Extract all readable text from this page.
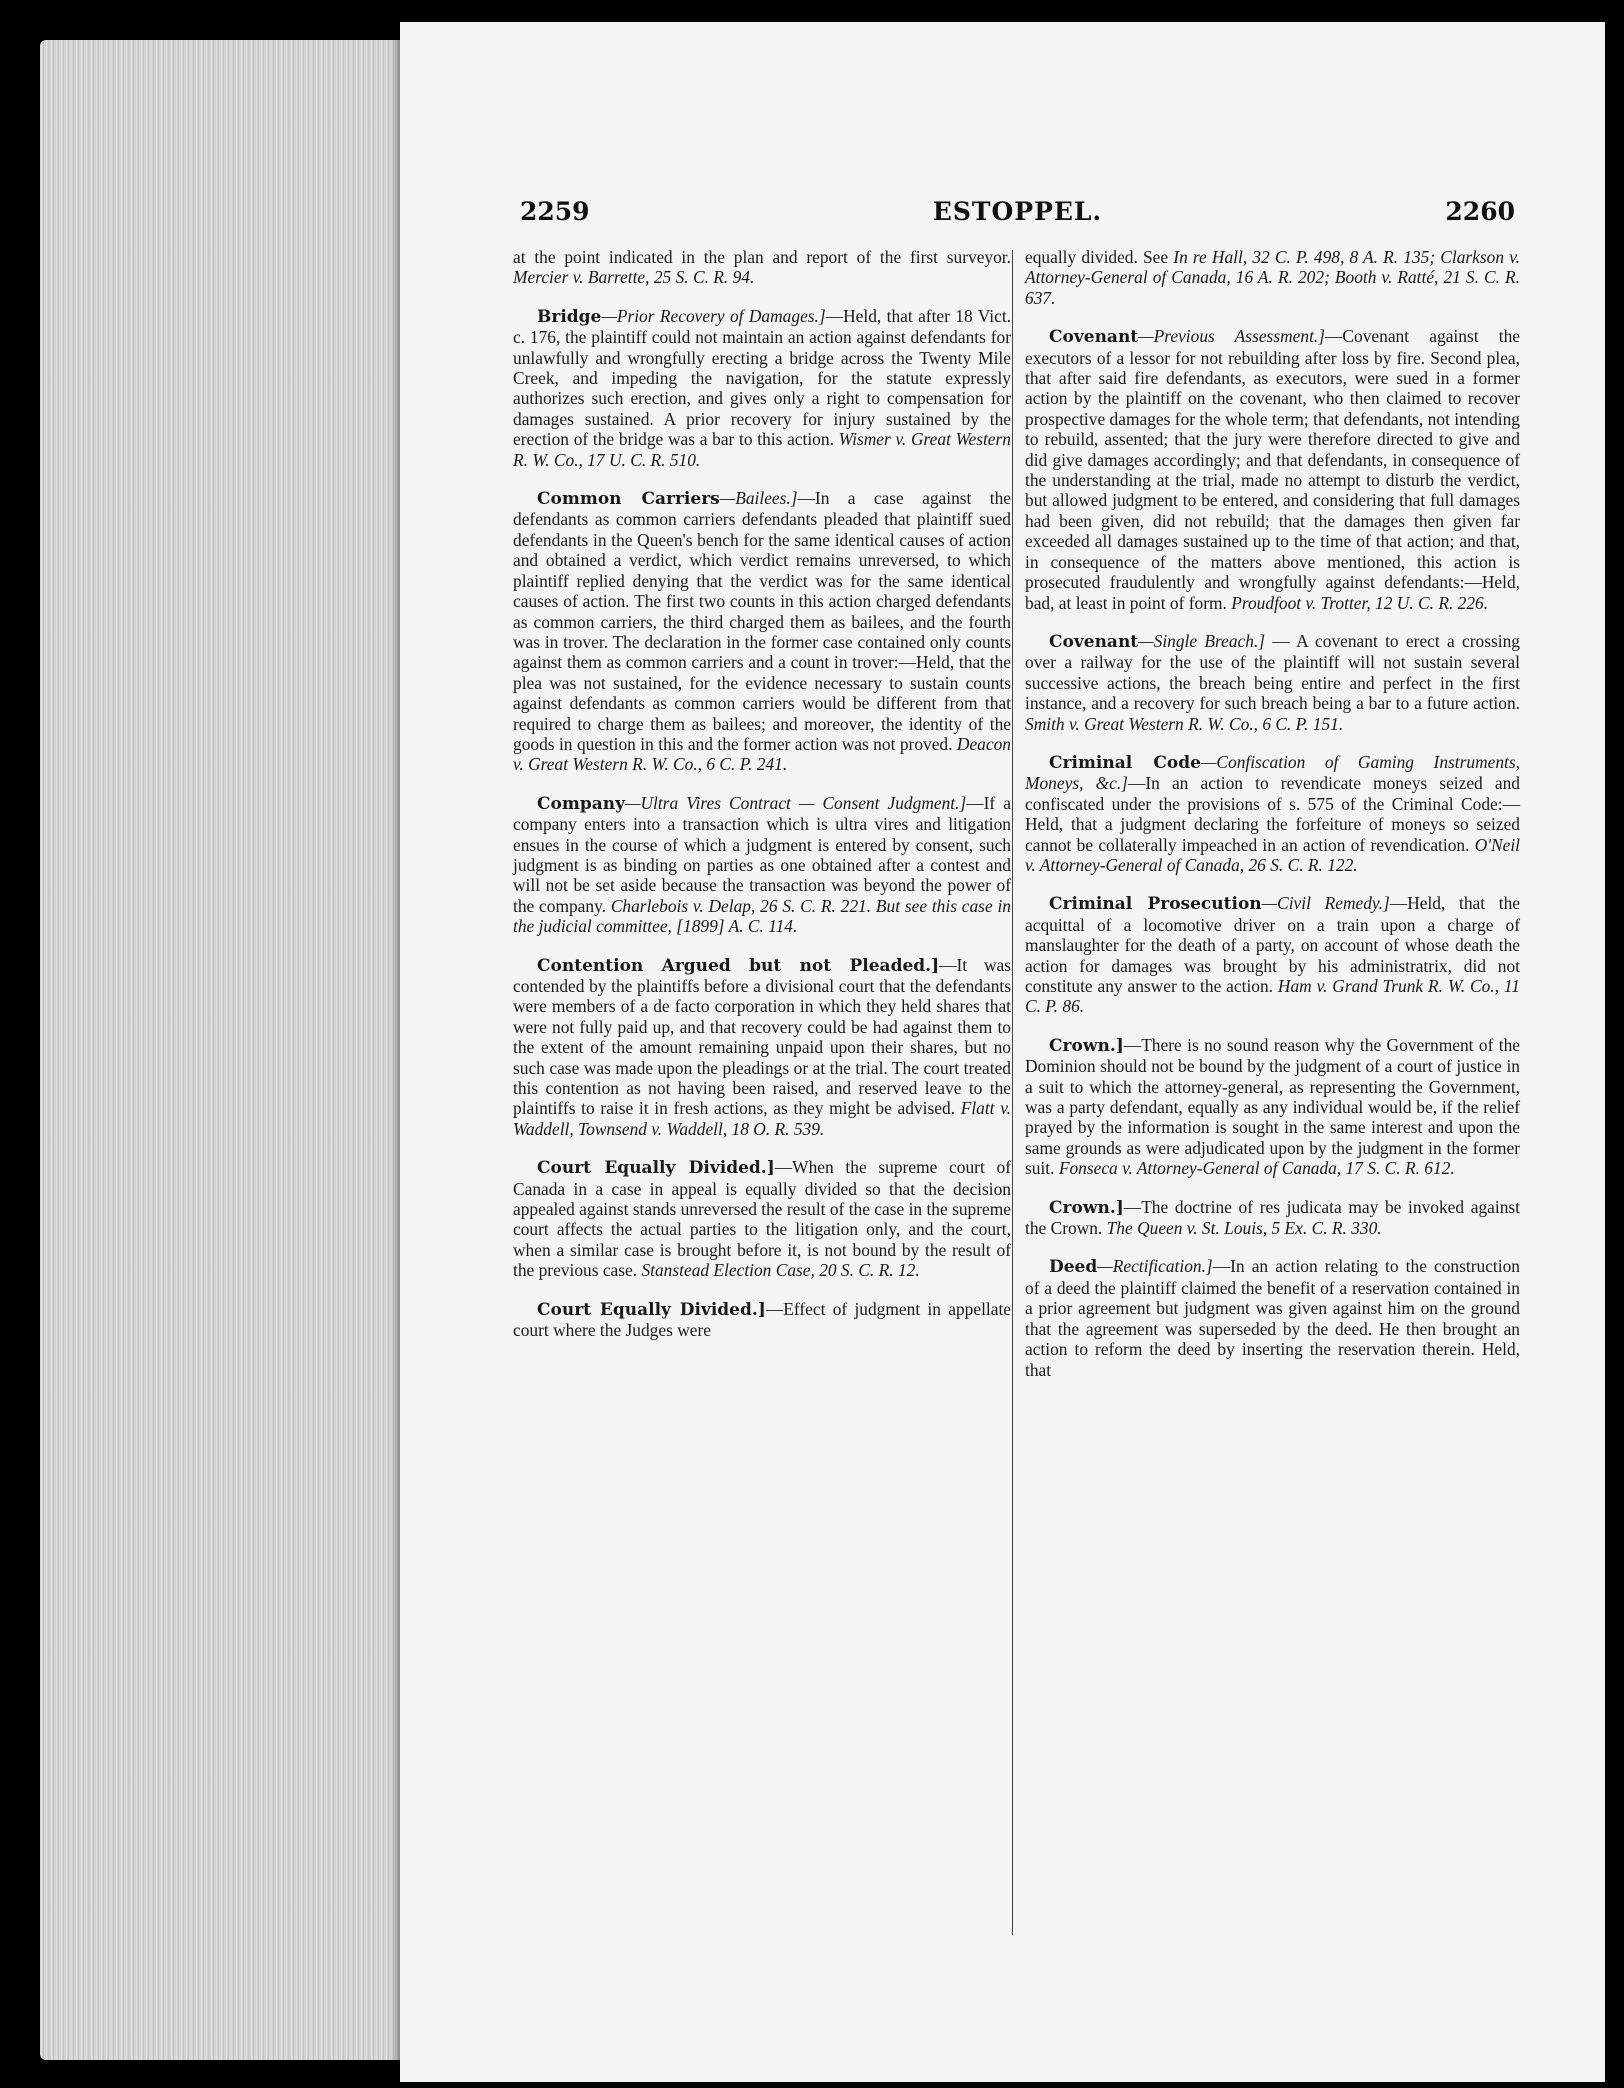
2259	ESTOPPEL.	2260

at the point indicated in the plan and report of the first surveyor. Mercier v. Barrette, 25 S. C. R. 94.

Bridge—Prior Recovery of Damages.]—Held, that after 18 Vict. c. 176, the plaintiff could not maintain an action against defendants for unlawfully and wrongfully erecting a bridge across the Twenty Mile Creek, and impeding the navigation, for the statute expressly authorizes such erection, and gives only a right to compensation for damages sustained. A prior recovery for injury sustained by the erection of the bridge was a bar to this action. Wismer v. Great Western R. W. Co., 17 U. C. R. 510.

Common Carriers—Bailees.]—In a case against the defendants as common carriers defendants pleaded that plaintiff sued defendants in the Queen's bench for the same identical causes of action and obtained a verdict, which verdict remains unreversed, to which plaintiff replied denying that the verdict was for the same identical causes of action. The first two counts in this action charged defendants as common carriers, the third charged them as bailees, and the fourth was in trover. The declaration in the former case contained only counts against them as common carriers and a count in trover:—Held, that the plea was not sustained, for the evidence necessary to sustain counts against defendants as common carriers would be different from that required to charge them as bailees; and moreover, the identity of the goods in question in this and the former action was not proved. Deacon v. Great Western R. W. Co., 6 C. P. 241.

Company—Ultra Vires Contract — Consent Judgment.]—If a company enters into a transaction which is ultra vires and litigation ensues in the course of which a judgment is entered by consent, such judgment is as binding on parties as one obtained after a contest and will not be set aside because the transaction was beyond the power of the company. Charlebois v. Delap, 26 S. C. R. 221. But see this case in the judicial committee, [1899] A. C. 114.

Contention Argued but not Pleaded.]—It was contended by the plaintiffs before a divisional court that the defendants were members of a de facto corporation in which they held shares that were not fully paid up, and that recovery could be had against them to the extent of the amount remaining unpaid upon their shares, but no such case was made upon the pleadings or at the trial. The court treated this contention as not having been raised, and reserved leave to the plaintiffs to raise it in fresh actions, as they might be advised. Flatt v. Waddell, Townsend v. Waddell, 18 O. R. 539.

Court Equally Divided.]—When the supreme court of Canada in a case in appeal is equally divided so that the decision appealed against stands unreversed the result of the case in the supreme court affects the actual parties to the litigation only, and the court, when a similar case is brought before it, is not bound by the result of the previous case. Stanstead Election Case, 20 S. C. R. 12.

Court Equally Divided.]—Effect of judgment in appellate court where the Judges were

equally divided. See In re Hall, 32 C. P. 498, 8 A. R. 135; Clarkson v. Attorney-General of Canada, 16 A. R. 202; Booth v. Ratté, 21 S. C. R. 637.

Covenant—Previous Assessment.]—Covenant against the executors of a lessor for not rebuilding after loss by fire. Second plea, that after said fire defendants, as executors, were sued in a former action by the plaintiff on the covenant, who then claimed to recover prospective damages for the whole term; that defendants, not intending to rebuild, assented; that the jury were therefore directed to give and did give damages accordingly; and that defendants, in consequence of the understanding at the trial, made no attempt to disturb the verdict, but allowed judgment to be entered, and considering that full damages had been given, did not rebuild; that the damages then given far exceeded all damages sustained up to the time of that action; and that, in consequence of the matters above mentioned, this action is prosecuted fraudulently and wrongfully against defendants:—Held, bad, at least in point of form. Proudfoot v. Trotter, 12 U. C. R. 226.

Covenant—Single Breach.] — A covenant to erect a crossing over a railway for the use of the plaintiff will not sustain several successive actions, the breach being entire and perfect in the first instance, and a recovery for such breach being a bar to a future action. Smith v. Great Western R. W. Co., 6 C. P. 151.

Criminal Code—Confiscation of Gaming Instruments, Moneys, &c.]—In an action to revendicate moneys seized and confiscated under the provisions of s. 575 of the Criminal Code:—Held, that a judgment declaring the forfeiture of moneys so seized cannot be collaterally impeached in an action of revendication. O'Neil v. Attorney-General of Canada, 26 S. C. R. 122.

Criminal Prosecution—Civil Remedy.]—Held, that the acquittal of a locomotive driver on a train upon a charge of manslaughter for the death of a party, on account of whose death the action for damages was brought by his administratrix, did not constitute any answer to the action. Ham v. Grand Trunk R. W. Co., 11 C. P. 86.

Crown.]—There is no sound reason why the Government of the Dominion should not be bound by the judgment of a court of justice in a suit to which the attorney-general, as representing the Government, was a party defendant, equally as any individual would be, if the relief prayed by the information is sought in the same interest and upon the same grounds as were adjudicated upon by the judgment in the former suit. Fonseca v. Attorney-General of Canada, 17 S. C. R. 612.

Crown.]—The doctrine of res judicata may be invoked against the Crown. The Queen v. St. Louis, 5 Ex. C. R. 330.

Deed—Rectification.]—In an action relating to the construction of a deed the plaintiff claimed the benefit of a reservation contained in a prior agreement but judgment was given against him on the ground that the agreement was superseded by the deed. He then brought an action to reform the deed by inserting the reservation therein. Held, that
